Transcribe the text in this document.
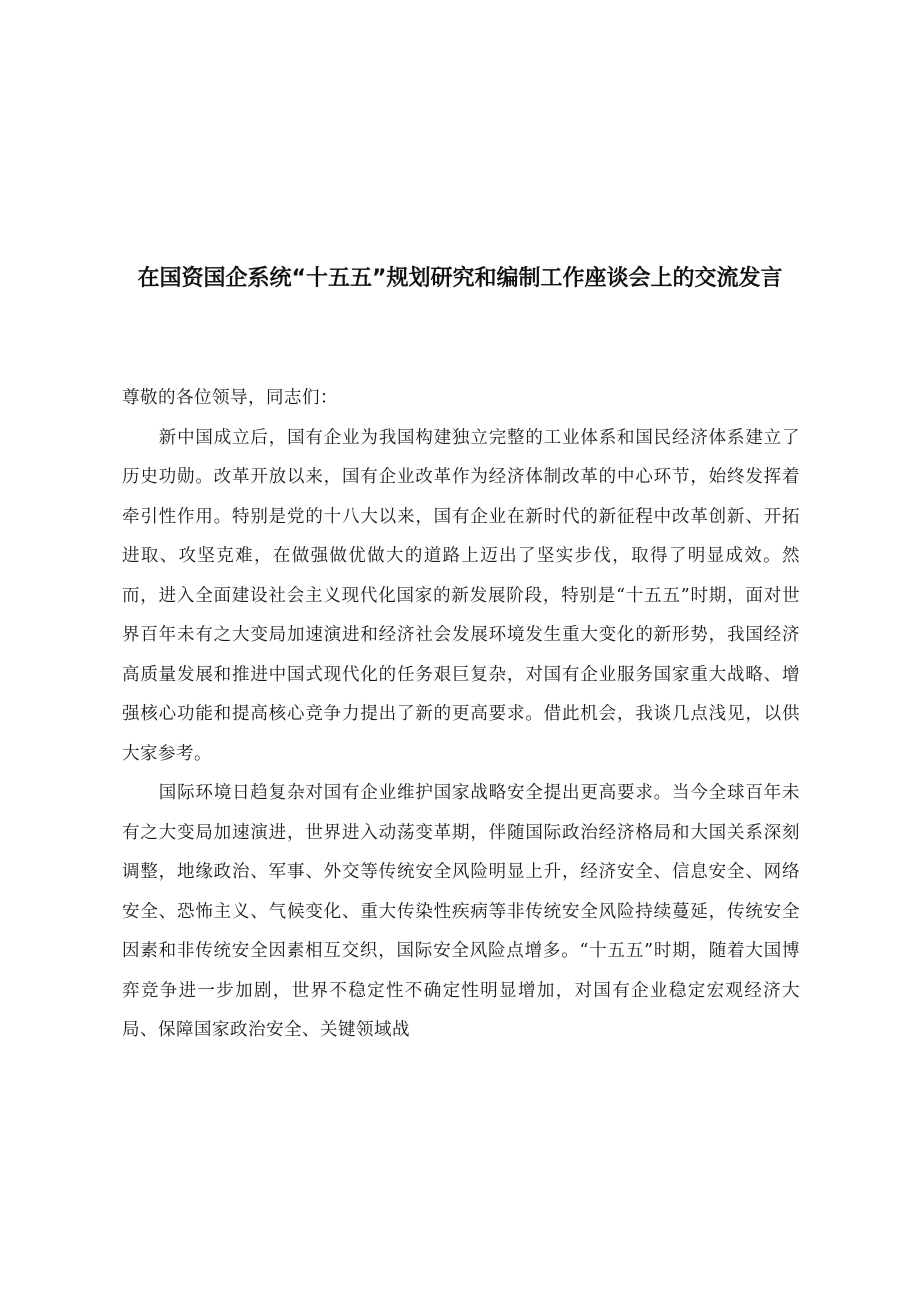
在国资国企系统“十五五”规划研究和编制工作座谈会上的交流发言

尊敬的各位领导，同志们：

新中国成立后，国有企业为我国构建独立完整的工业体系和国民经济体系建立了历史功勋。改革开放以来，国有企业改革作为经济体制改革的中心环节，始终发挥着牵引性作用。特别是党的十八大以来，国有企业在新时代的新征程中改革创新、开拓进取、攻坚克难，在做强做优做大的道路上迈出了坚实步伐，取得了明显成效。然而，进入全面建设社会主义现代化国家的新发展阶段，特别是“十五五”时期，面对世界百年未有之大变局加速演进和经济社会发展环境发生重大变化的新形势，我国经济高质量发展和推进中国式现代化的任务艰巨复杂，对国有企业服务国家重大战略、增强核心功能和提高核心竞争力提出了新的更高要求。借此机会，我谈几点浅见，以供大家参考。

国际环境日趋复杂对国有企业维护国家战略安全提出更高要求。当今全球百年未有之大变局加速演进，世界进入动荡变革期，伴随国际政治经济格局和大国关系深刻调整，地缘政治、军事、外交等传统安全风险明显上升，经济安全、信息安全、网络安全、恐怖主义、气候变化、重大传染性疾病等非传统安全风险持续蔓延，传统安全因素和非传统安全因素相互交织，国际安全风险点增多。“十五五”时期，随着大国博弈竞争进一步加剧，世界不稳定性不确定性明显增加，对国有企业稳定宏观经济大局、保障国家政治安全、关键领域战
